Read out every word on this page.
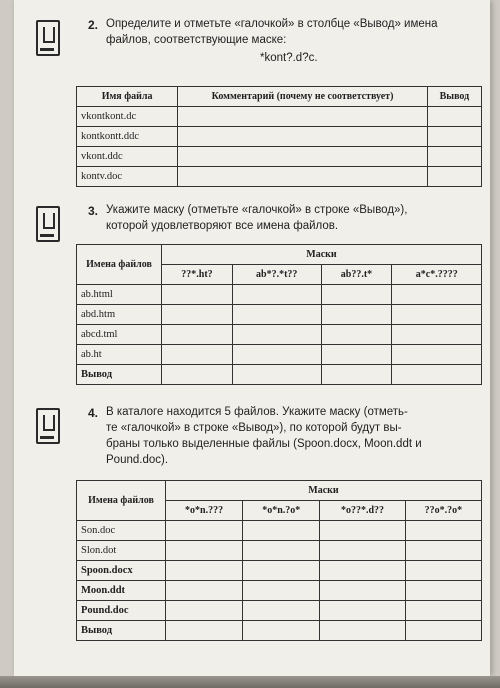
2. Определите и отметьте «галочкой» в столбце «Вывод» имена
файлов, соответствующие маске:
*kont?.d?c.
Имя файла	Комментарий (почему не соответствует)	Вывод
vkontkont.dc		
kontkontt.ddc		
vkont.ddc		
kontv.doc		
3. Укажите маску (отметьте «галочкой» в строке «Вывод»),
которой удовлетворяют все имена файлов.
Имена файлов	Маски			
	??*.ht?	ab*?.*t??	ab??.t*	a*c*.????
ab.html				
abd.htm				
abcd.tml				
ab.ht				
Вывод				
4. В каталоге находится 5 файлов. Укажите маску (отметь-
те «галочкой» в строке «Вывод»), по которой будут вы-
браны только выделенные файлы (Spoon.docx, Moon.ddt и
Pound.doc).
Имена файлов	Маски			
	*o*n.???	*o*n.?o*	*o??*.d??	??o*.?o*
Son.doc				
Slon.dot				
Spoon.docx				
Moon.ddt				
Pound.doc				
Вывод				
